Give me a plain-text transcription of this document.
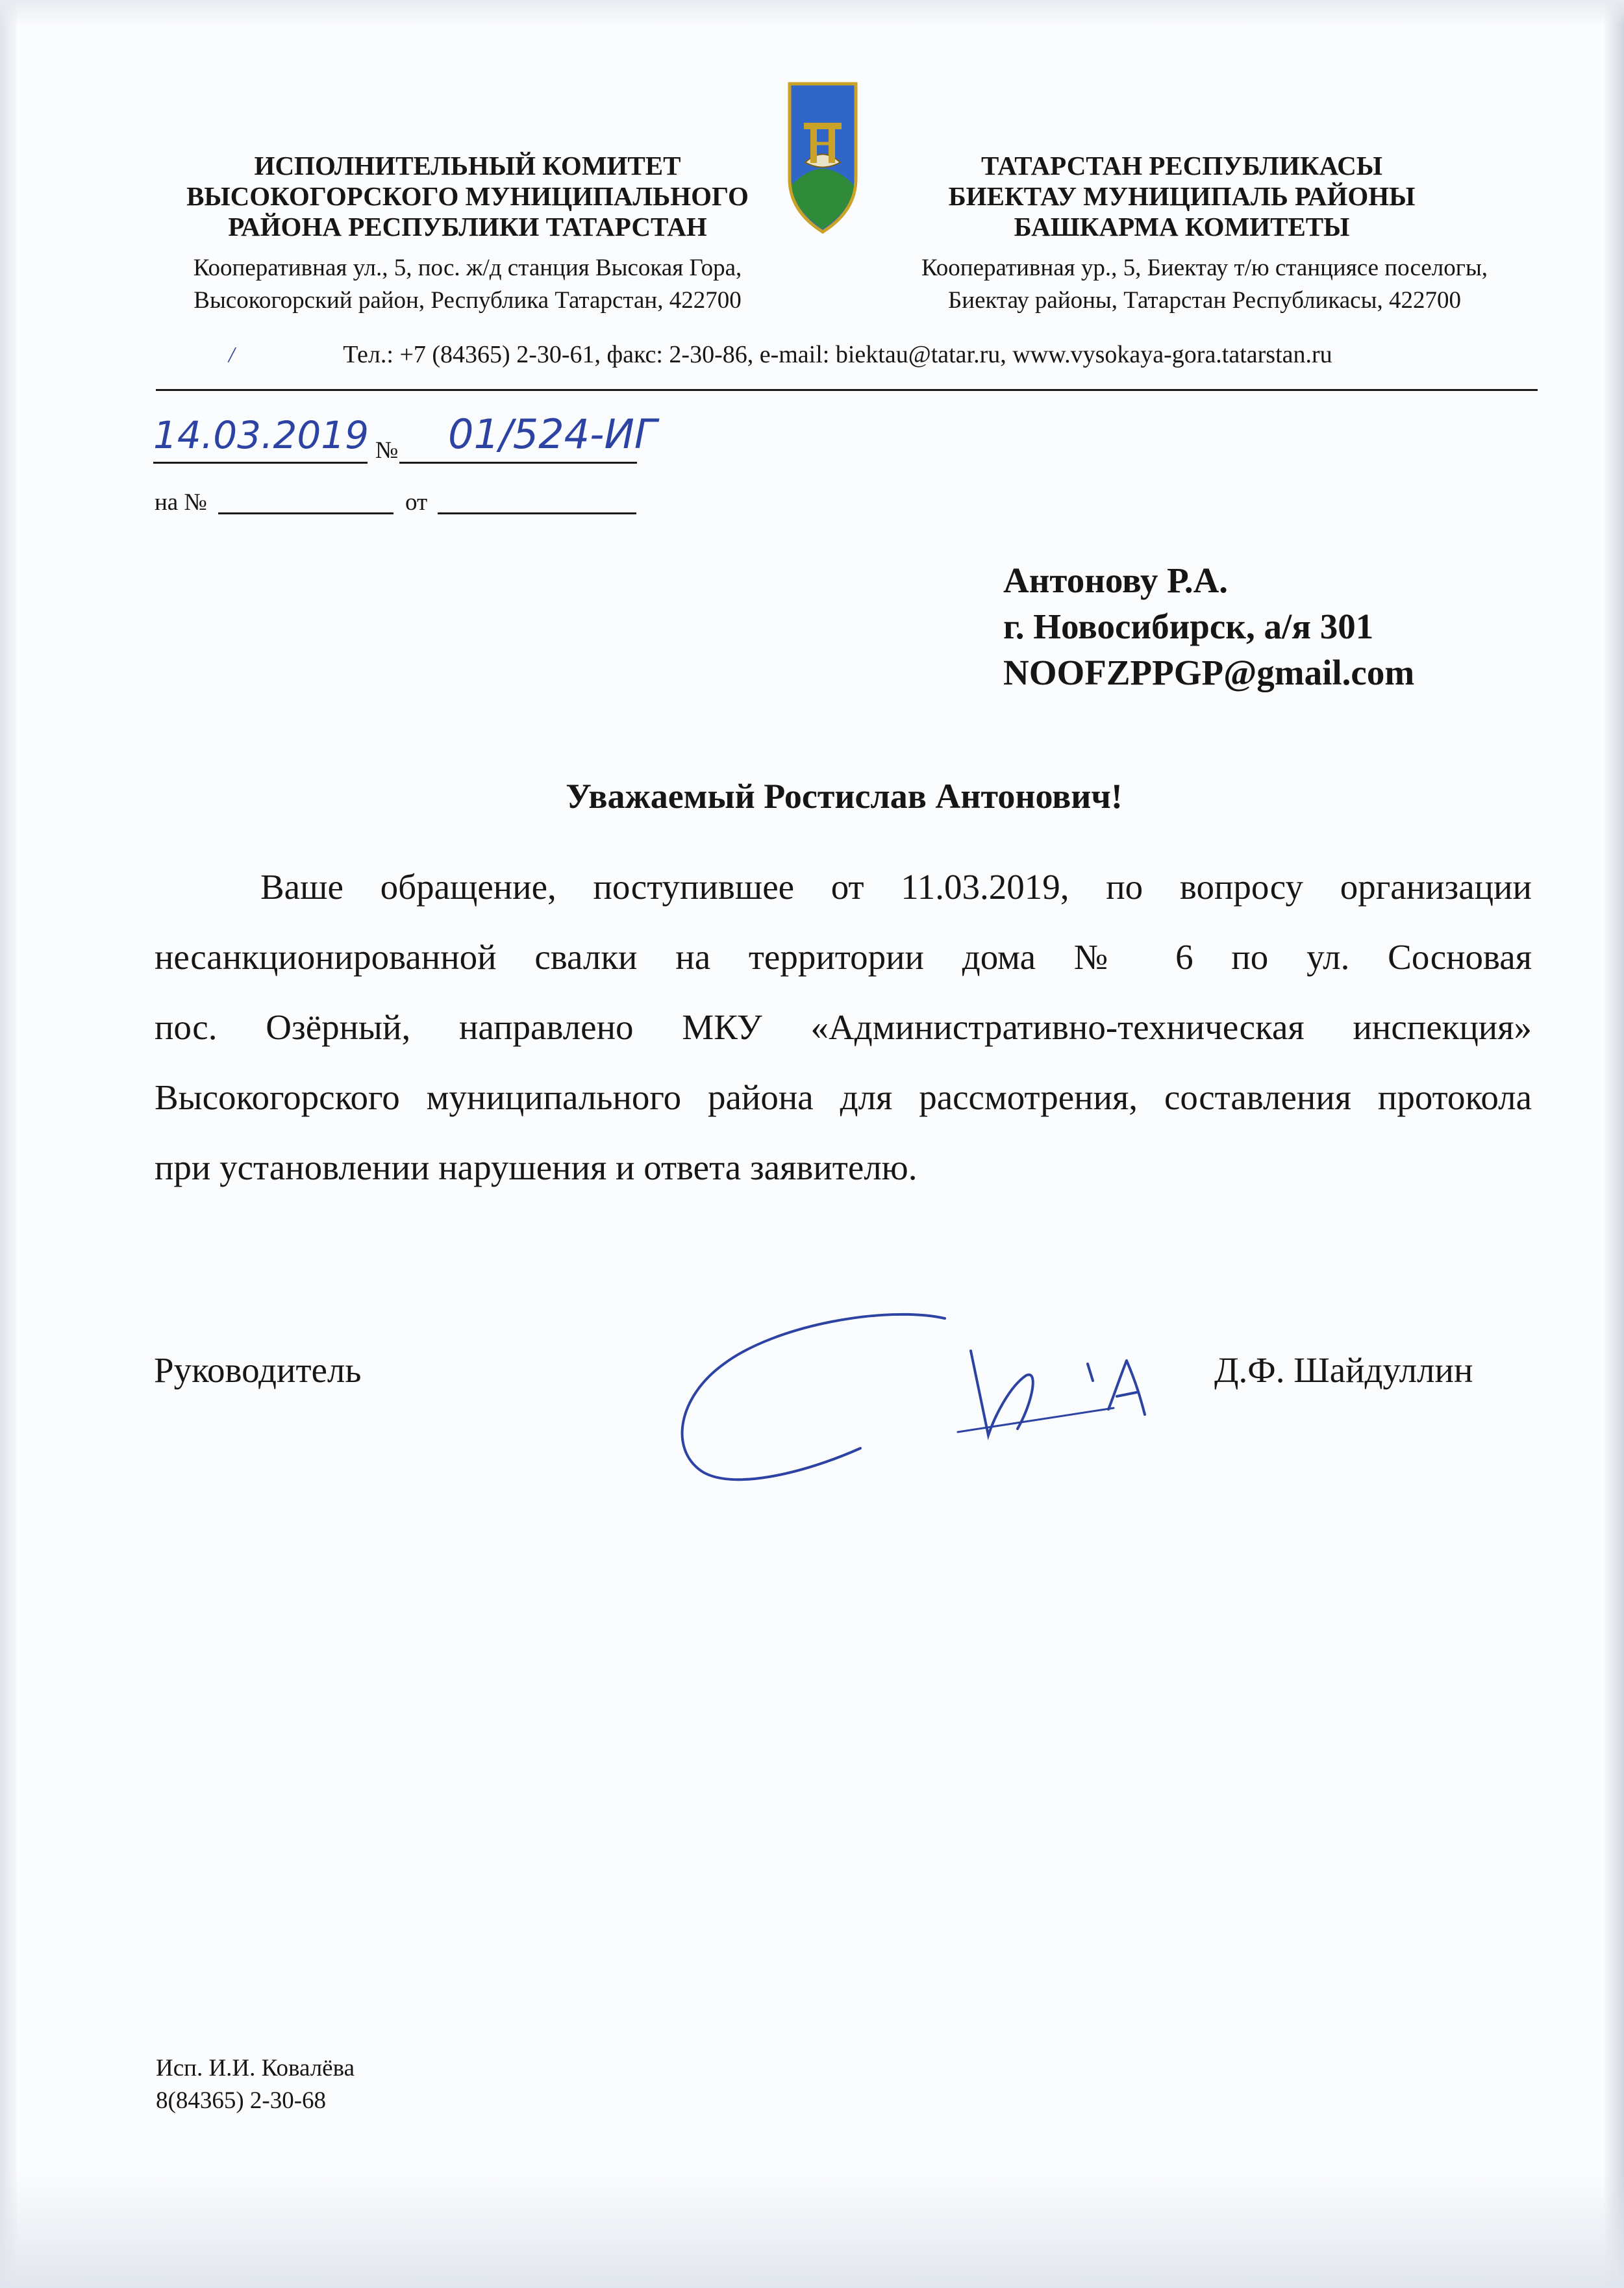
ИСПОЛНИТЕЛЬНЫЙ КОМИТЕТ
ВЫСОКОГОРСКОГО МУНИЦИПАЛЬНОГО
РАЙОНА РЕСПУБЛИКИ ТАТАРСТАН
ТАТАРСТАН РЕСПУБЛИКАСЫ
БИЕКТАУ МУНИЦИПАЛЬ РАЙОНЫ
БАШКАРМА КОМИТЕТЫ
Кооперативная ул., 5, пос. ж/д станция Высокая Гора,
Высокогорский район, Республика Татарстан, 422700
Кооперативная ур., 5, Биектау т/ю станциясе поселогы,
Биектау районы, Татарстан Республикасы, 422700
/	Тел.: +7 (84365) 2-30-61, факс: 2-30-86, e-mail: biektau@tatar.ru, www.vysokaya-gora.tatarstan.ru
14.03.2019 № 01/524-ИГ
на №	от
Антонову Р.А.
г. Новосибирск, а/я 301
NOOFZPPGP@gmail.com
Уважаемый Ростислав Антонович!
Ваше обращение, поступившее от 11.03.2019, по вопросу организации
несанкционированной свалки на территории дома № 6 по ул. Сосновая
пос. Озёрный, направлено МКУ «Административно-техническая инспекция»
Высокогорского муниципального района для рассмотрения, составления протокола
при установлении нарушения и ответа заявителю.
Руководитель	Д.Ф. Шайдуллин
Исп. И.И. Ковалёва
8(84365) 2-30-68
